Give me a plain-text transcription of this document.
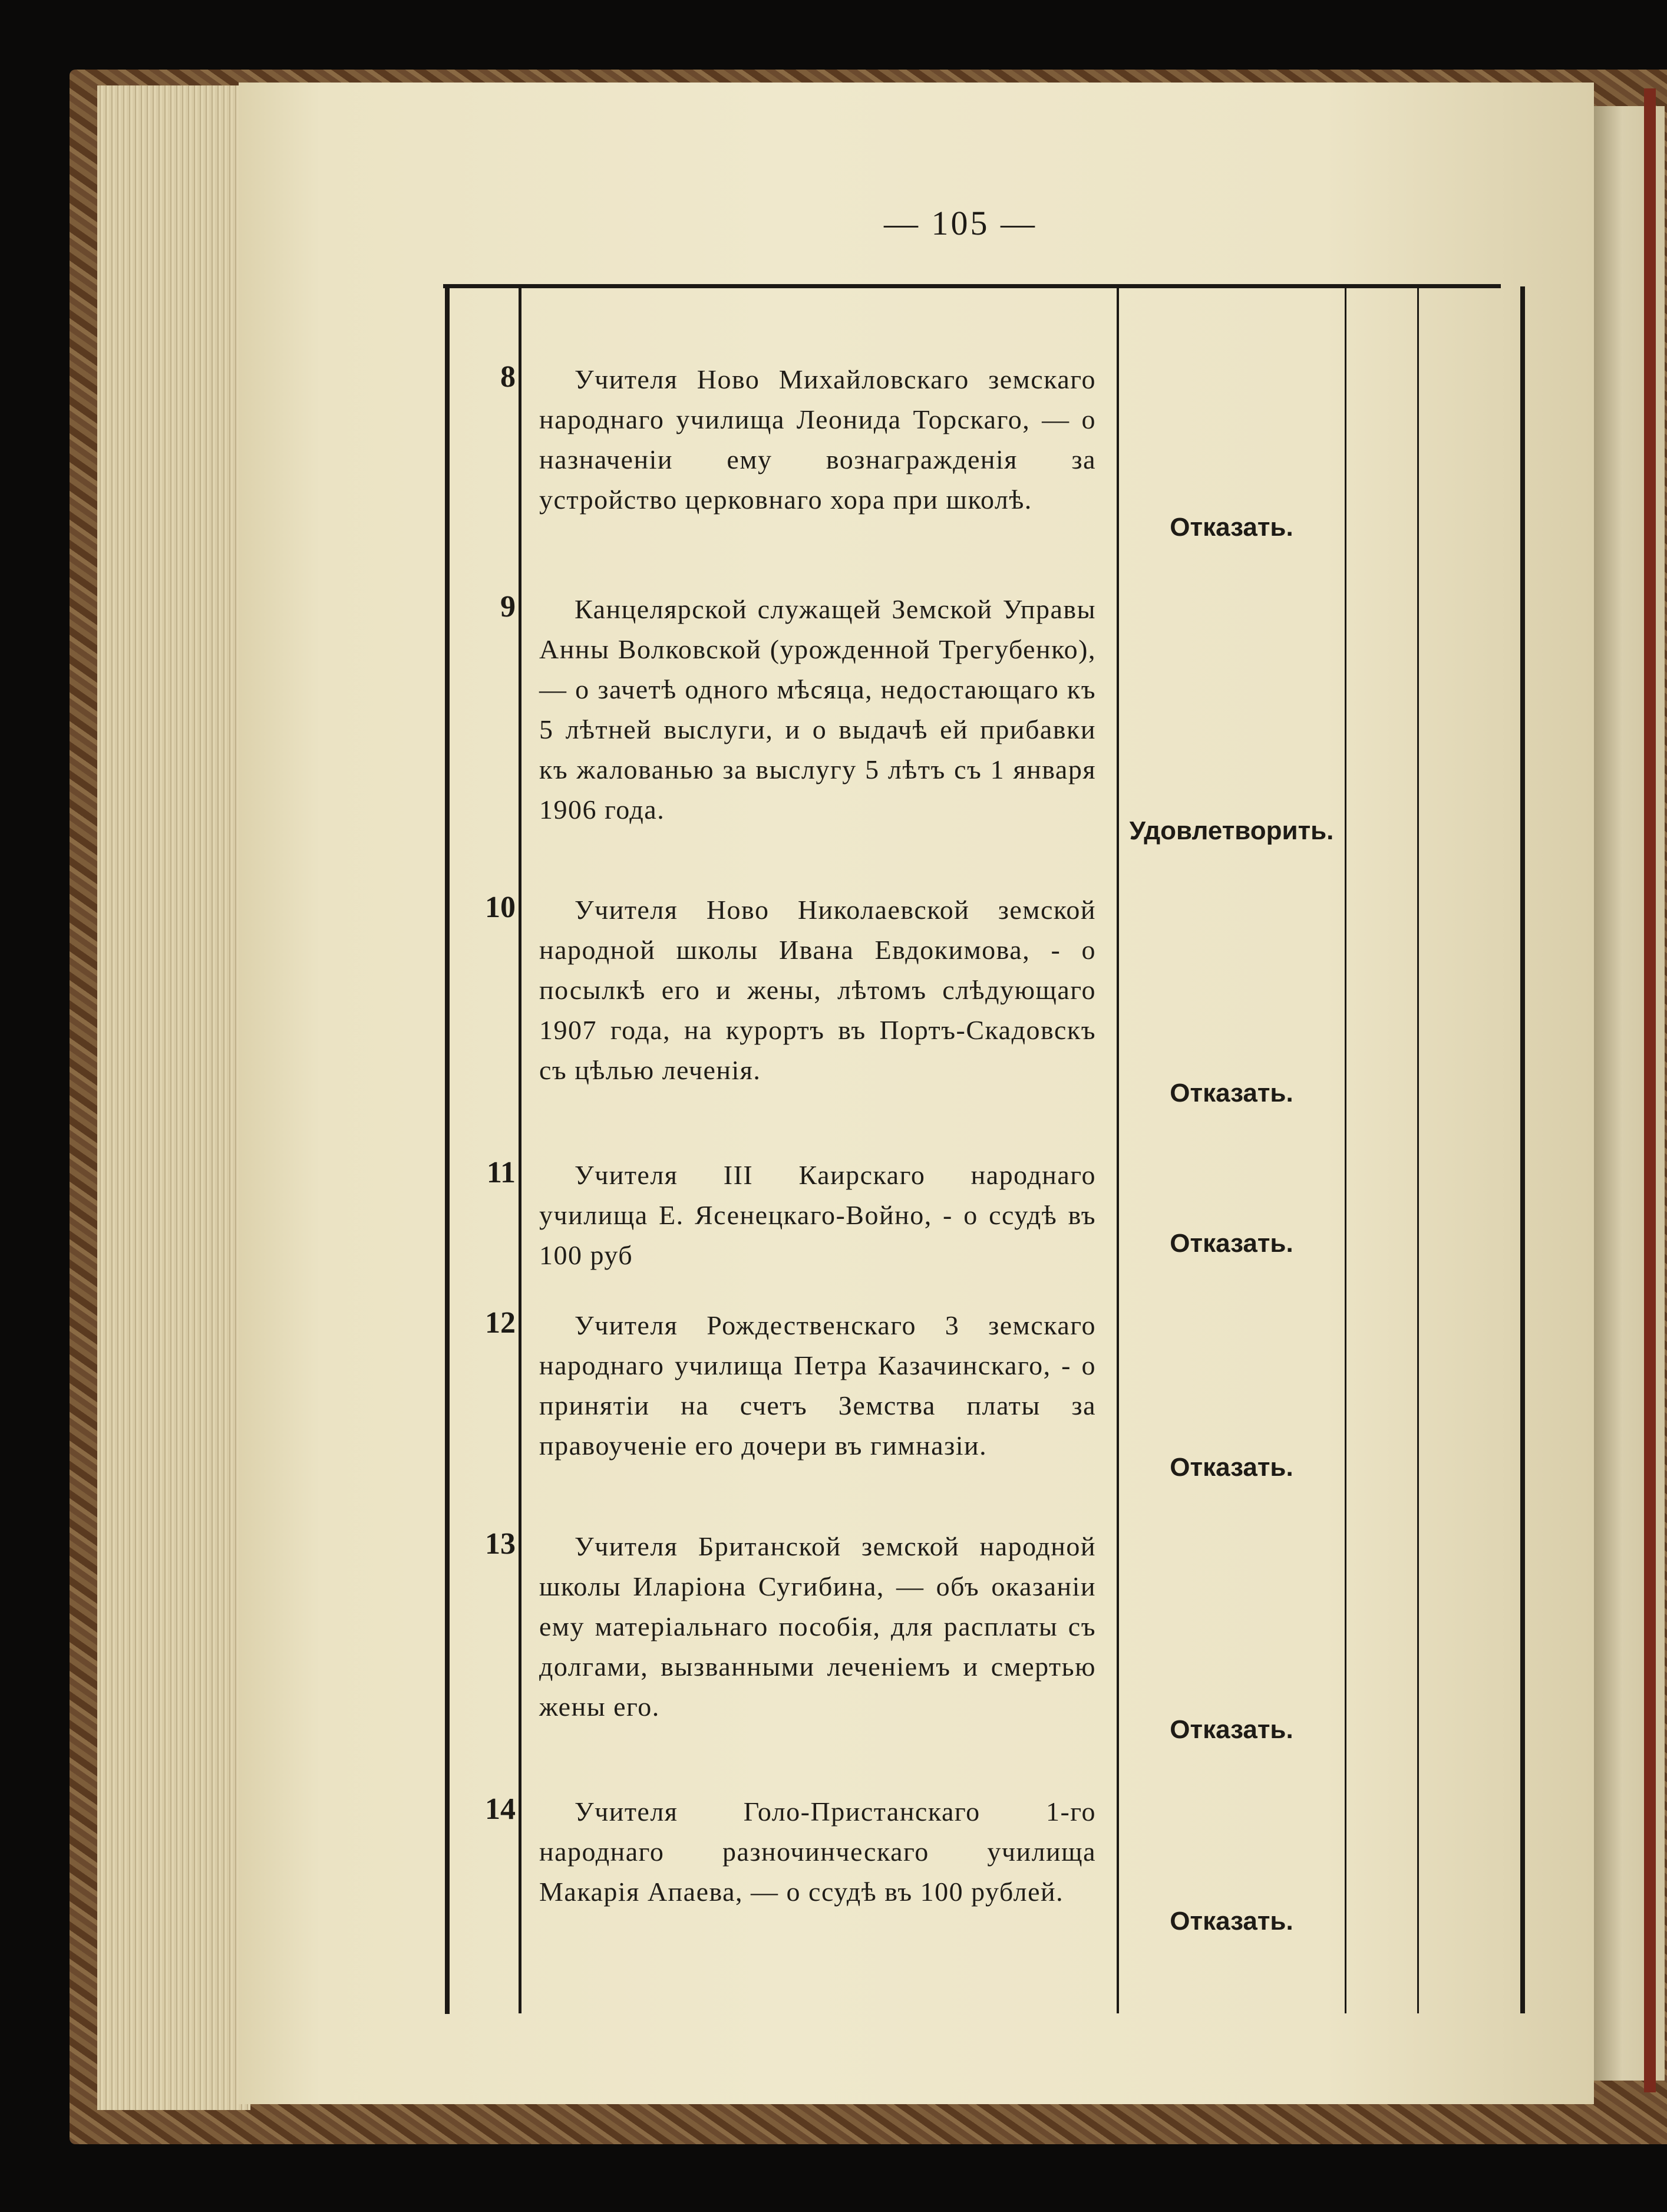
— 105 —
8	Учителя Ново Михайловскаго земскаго народнаго училища Леонида Торскаго, — о назначеніи ему вознагражденія за устройство церковнаго хора при школѣ.
Отказать.
9	Канцелярской служащей Земской Управы Анны Волковской (урожденной Трегубенко), — о зачетѣ одного мѣсяца, недостающаго къ 5 лѣтней выслуги, и о выдачѣ ей прибавки къ жалованью за выслугу 5 лѣтъ съ 1 января 1906 года.
Удовлетворить.
10	Учителя Ново Николаевской земской народной школы Ивана Евдокимова, - о посылкѣ его и жены, лѣтомъ слѣдующаго 1907 года, на курортъ въ Портъ-Скадовскъ съ цѣлью леченія.
Отказать.
11	Учителя III Каирскаго народнаго училища Е. Ясенецкаго-Войно, - о ссудѣ въ 100 руб	Отказать.
12	Учителя Рождественскаго 3 земскаго народнаго училища Петра Казачинскаго, - о принятіи на счетъ Земства платы за правоученіе его дочери въ гимназіи.
Отказать.
13	Учителя Британской земской народной школы Иларіона Сугибина, — объ оказаніи ему матеріальнаго пособія, для расплаты съ долгами, вызванными леченіемъ и смертью жены его.
Отказать.
14	Учителя Голо-Пристанскаго 1-го народнаго разночинческаго училища Макарія Апаева, — о ссудѣ въ 100 рублей.
Отказать.
